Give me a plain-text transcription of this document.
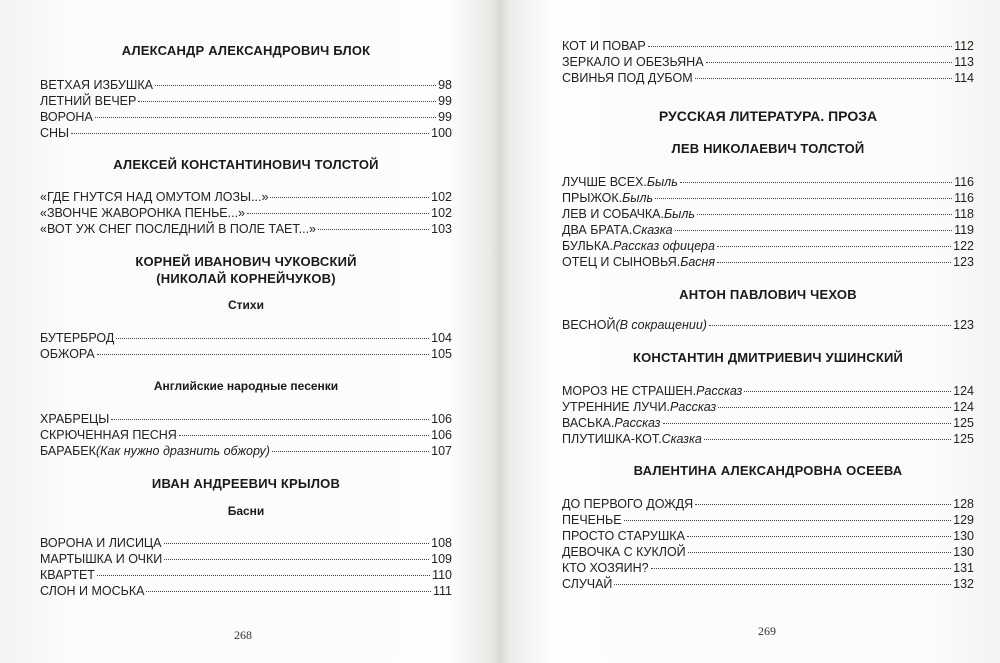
АЛЕКСАНДР АЛЕКСАНДРОВИЧ БЛОК
ВЕТХАЯ ИЗБУШКА	98
ЛЕТНИЙ ВЕЧЕР	99
ВОРОНА	99
СНЫ	100
АЛЕКСЕЙ КОНСТАНТИНОВИЧ ТОЛСТОЙ
«ГДЕ ГНУТСЯ НАД ОМУТОМ ЛОЗЫ...»	102
«ЗВОНЧЕ ЖАВОРОНКА ПЕНЬЕ...»	102
«ВОТ УЖ СНЕГ ПОСЛЕДНИЙ В ПОЛЕ ТАЕТ...»	103
КОРНЕЙ ИВАНОВИЧ ЧУКОВСКИЙ
(НИКОЛАЙ КОРНЕЙЧУКОВ)
Стихи
БУТЕРБРОД	104
ОБЖОРА	105
Английские народные песенки
ХРАБРЕЦЫ	106
СКРЮЧЕННАЯ ПЕСНЯ	106
БАРАБЕК (Как нужно дразнить обжору)	107
ИВАН АНДРЕЕВИЧ КРЫЛОВ
Басни
ВОРОНА И ЛИСИЦА	108
МАРТЫШКА И ОЧКИ	109
КВАРТЕТ	110
СЛОН И МОСЬКА	111
268
КОТ И ПОВАР	112
ЗЕРКАЛО И ОБЕЗЬЯНА	113
СВИНЬЯ ПОД ДУБОМ	114
РУССКАЯ ЛИТЕРАТУРА. ПРОЗА
ЛЕВ НИКОЛАЕВИЧ ТОЛСТОЙ
ЛУЧШЕ ВСЕХ. Быль	116
ПРЫЖОК. Быль	116
ЛЕВ И СОБАЧКА. Быль	118
ДВА БРАТА. Сказка	119
БУЛЬКА. Рассказ офицера	122
ОТЕЦ И СЫНОВЬЯ. Басня	123
АНТОН ПАВЛОВИЧ ЧЕХОВ
ВЕСНОЙ (В сокращении)	123
КОНСТАНТИН ДМИТРИЕВИЧ УШИНСКИЙ
МОРОЗ НЕ СТРАШЕН. Рассказ	124
УТРЕННИЕ ЛУЧИ. Рассказ	124
ВАСЬКА. Рассказ	125
ПЛУТИШКА-КОТ. Сказка	125
ВАЛЕНТИНА АЛЕКСАНДРОВНА ОСЕЕВА
ДО ПЕРВОГО ДОЖДЯ	128
ПЕЧЕНЬЕ	129
ПРОСТО СТАРУШКА	130
ДЕВОЧКА С КУКЛОЙ	130
КТО ХОЗЯИН?	131
СЛУЧАЙ	132
269
